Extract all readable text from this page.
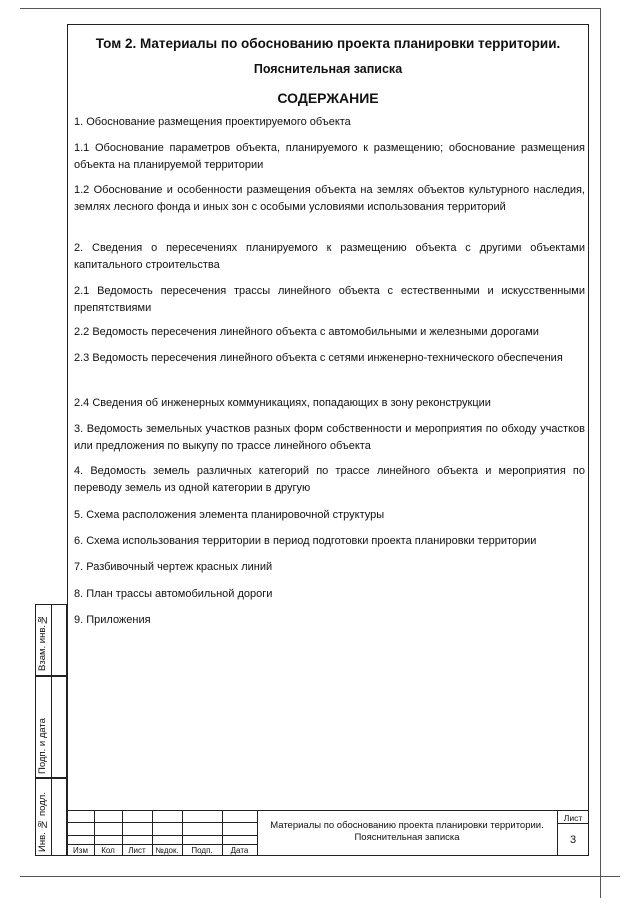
Том 2. Материалы по обоснованию проекта планировки территории.
Пояснительная записка
СОДЕРЖАНИЕ
1. Обоснование размещения проектируемого объекта
1.1 Обоснование параметров объекта, планируемого к размещению; обоснование размещения объекта на планируемой территории
1.2 Обоснование и особенности размещения объекта на землях объектов культурного наследия, землях лесного фонда и иных зон с особыми условиями использования территорий
2. Сведения о пересечениях планируемого к размещению объекта с другими объектами капитального строительства
2.1 Ведомость пересечения трассы линейного объекта с естественными и искусственными препятствиями
2.2 Ведомость пересечения линейного объекта с автомобильными и железными дорогами
2.3 Ведомость пересечения линейного объекта с сетями инженерно-технического обеспечения
2.4 Сведения об инженерных коммуникациях, попадающих в зону реконструкции
3. Ведомость земельных участков разных форм собственности и мероприятия по обходу участков или предложения по выкупу по трассе линейного объекта
4. Ведомость земель различных категорий по трассе линейного объекта и мероприятия по переводу земель из одной категории в другую
5. Схема расположения элемента планировочной структуры
6. Схема использования территории в период подготовки проекта планировки территории
7. Разбивочный чертеж красных линий
8. План трассы автомобильной дороги
9. Приложения
Взам. инв.№
Подп. и дата
Инв. № подл.	Изм	Кол	Лист	№док.	Подп.	Дата
Материалы по обоснованию проекта планировки территории.
Пояснительная записка
Лист
3
